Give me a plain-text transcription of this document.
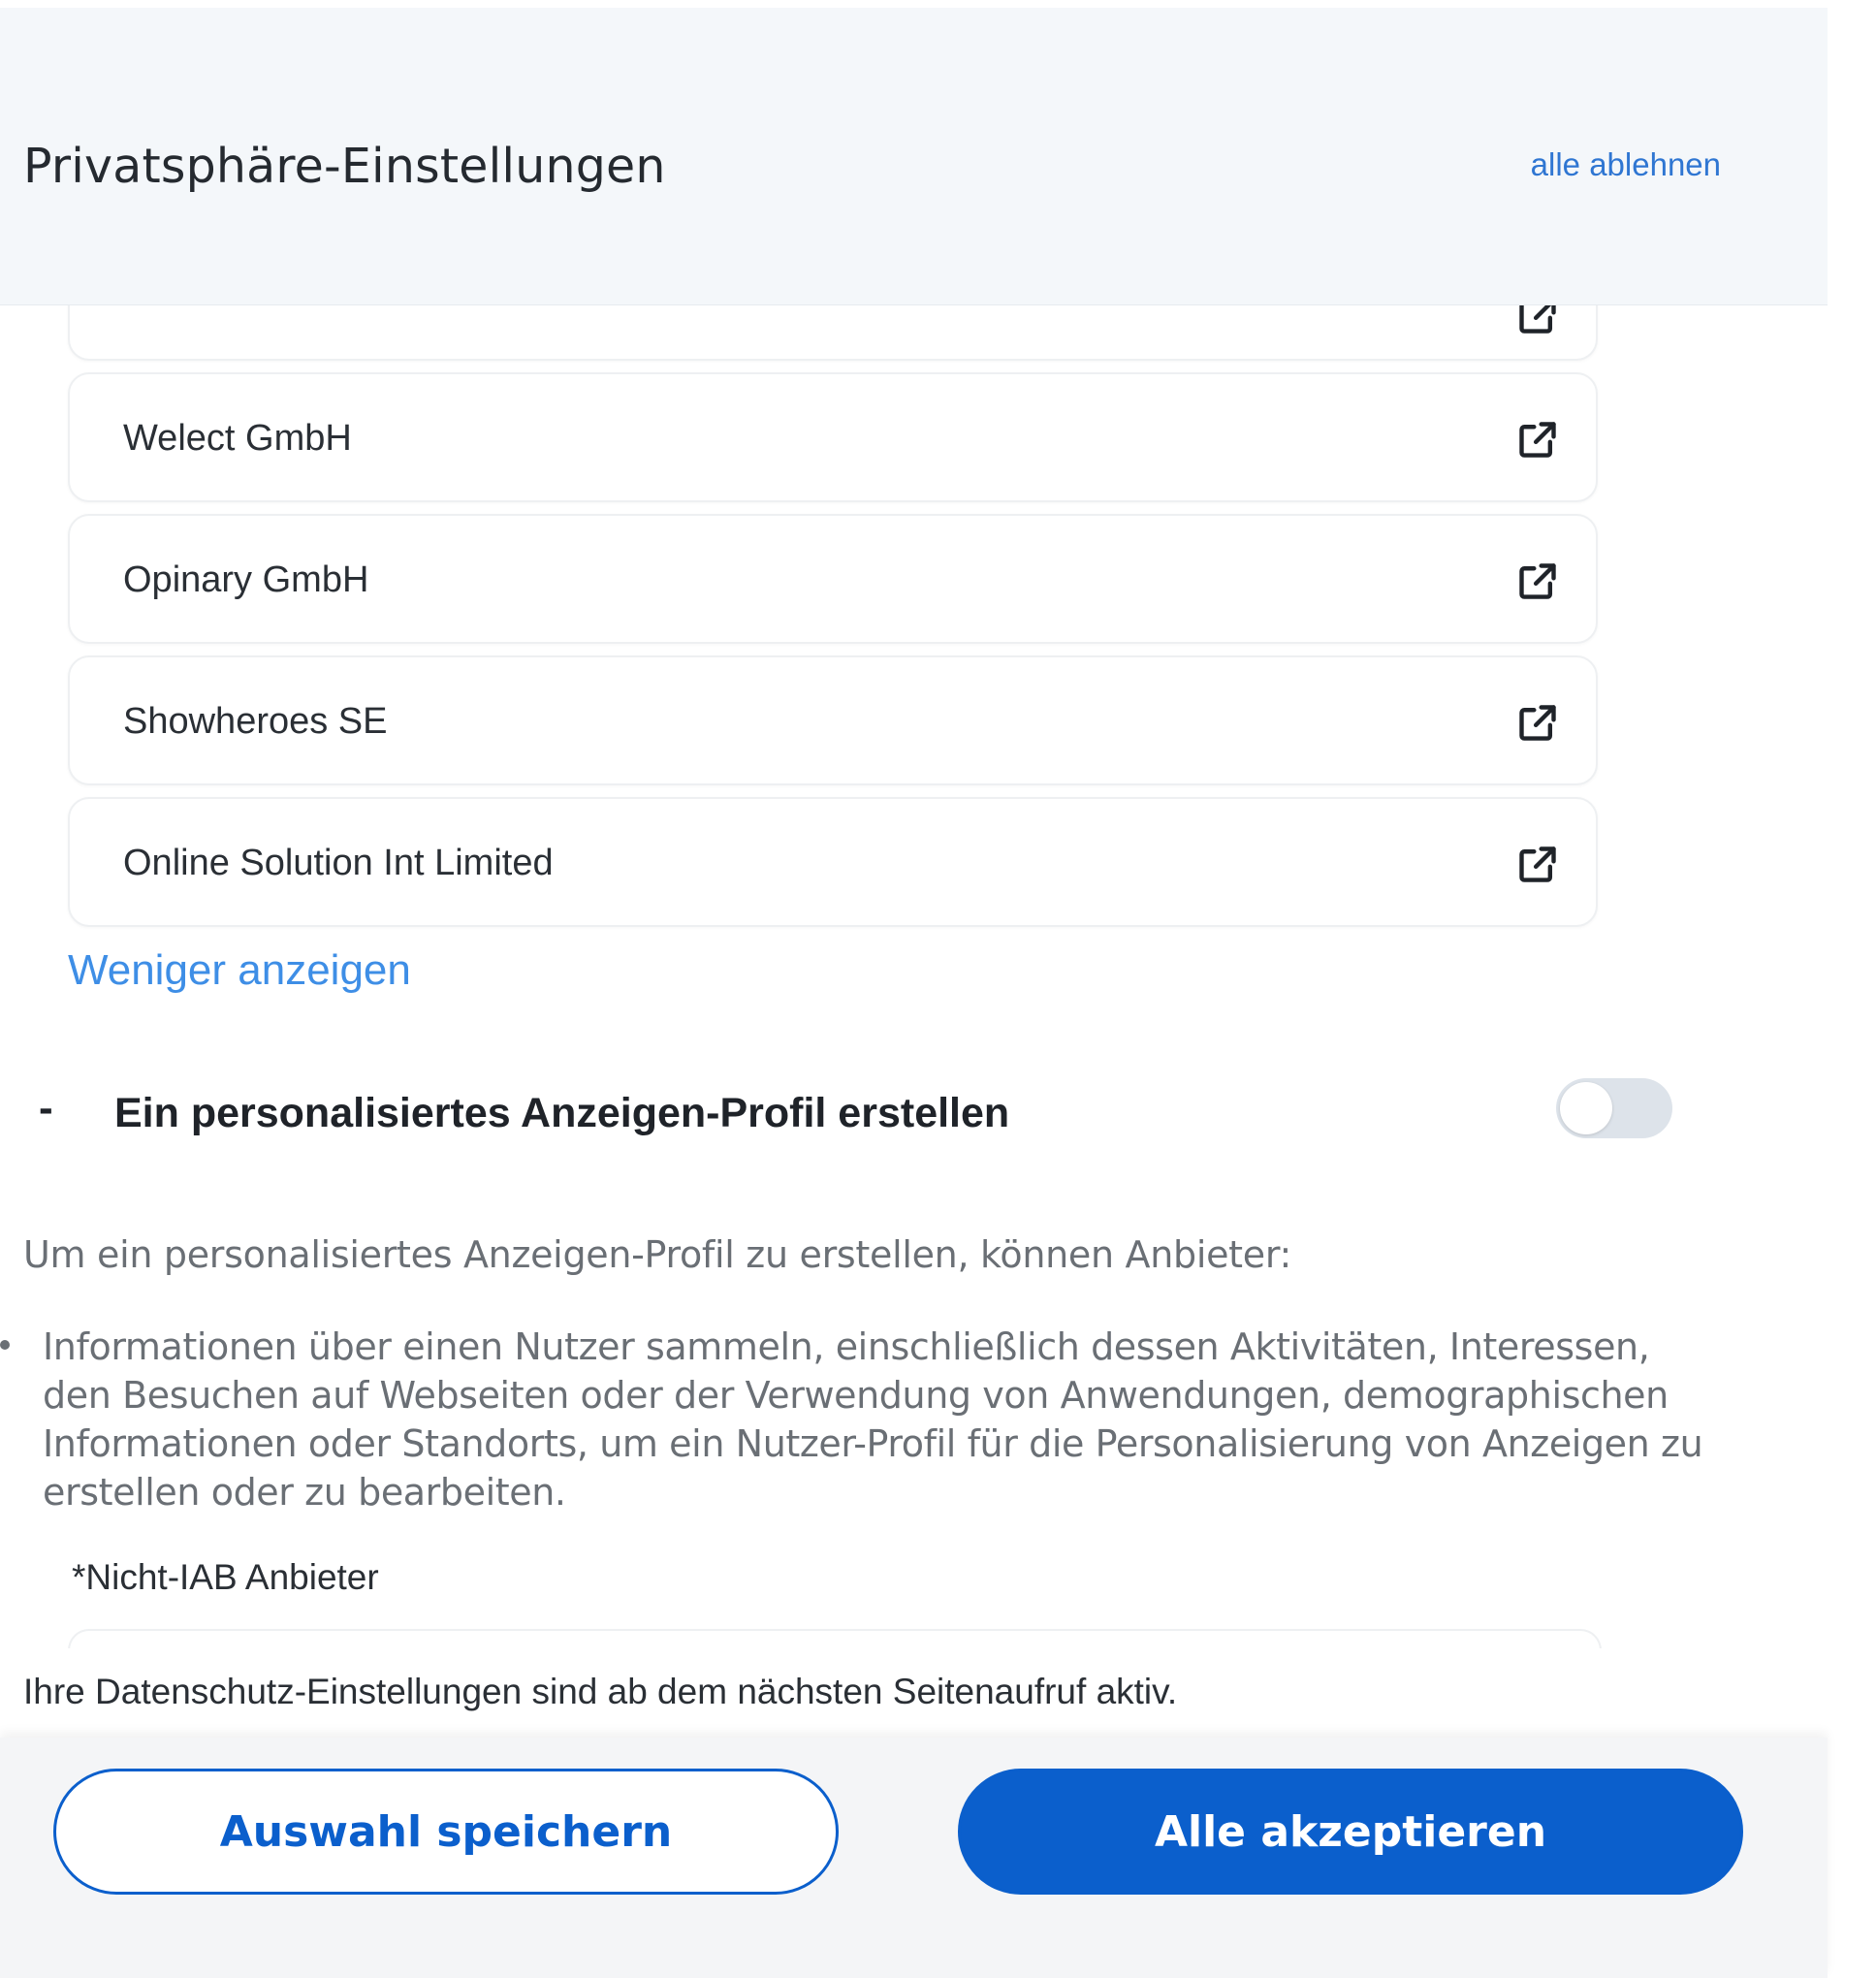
Privatsphäre-Einstellungen	alle ablehnen
Welect GmbH
Opinary GmbH
Showheroes SE
Online Solution Int Limited
Weniger anzeigen
- Ein personalisiertes Anzeigen-Profil erstellen
Um ein personalisiertes Anzeigen-Profil zu erstellen, können Anbieter:
Informationen über einen Nutzer sammeln, einschließlich dessen Aktivitäten, Interessen, den Besuchen auf Webseiten oder der Verwendung von Anwendungen, demographischen Informationen oder Standorts, um ein Nutzer-Profil für die Personalisierung von Anzeigen zu erstellen oder zu bearbeiten.
*Nicht-IAB Anbieter
Ihre Datenschutz-Einstellungen sind ab dem nächsten Seitenaufruf aktiv.
Auswahl speichern	Alle akzeptieren
